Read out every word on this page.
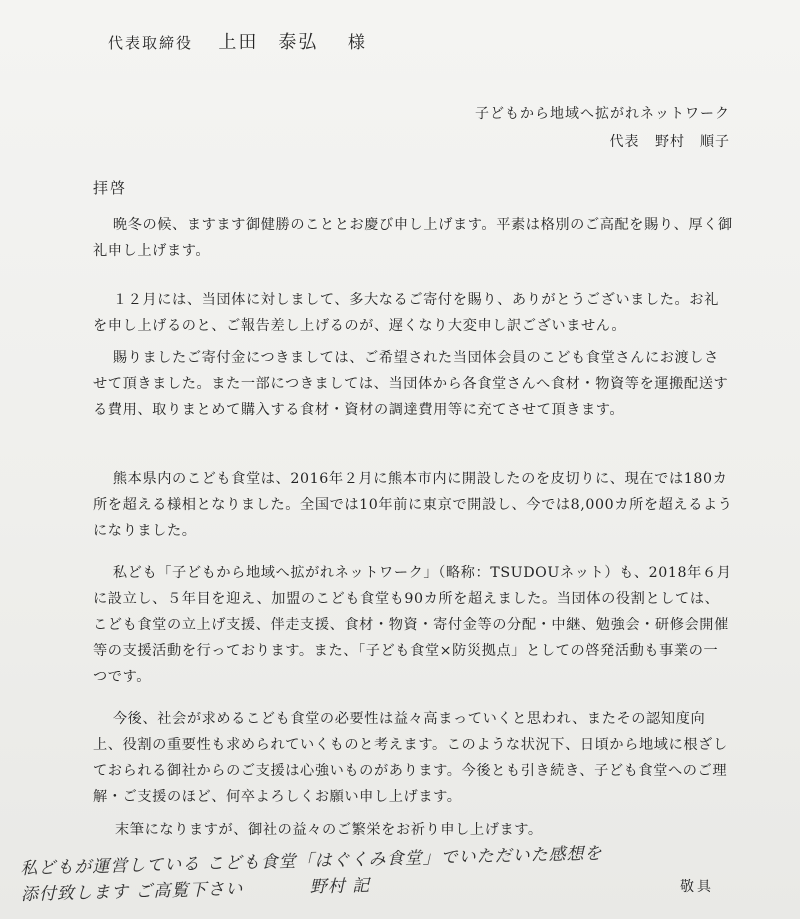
代表取締役 上田　泰弘 様
子どもから地域へ拡がれネットワーク
代表 野村　順子
拝啓

晩冬の候、ますます御健勝のこととお慶び申し上げます。平素は格別のご高配を賜り、厚く御礼申し上げます。

１２月には、当団体に対しまして、多大なるご寄付を賜り、ありがとうございました。お礼を申し上げるのと、ご報告差し上げるのが、遅くなり大変申し訳ございません。

賜りましたご寄付金につきましては、ご希望された当団体会員のこども食堂さんにお渡しさせて頂きました。また一部につきましては、当団体から各食堂さんへ食材・物資等を運搬配送する費用、取りまとめて購入する食材・資材の調達費用等に充てさせて頂きます。

熊本県内のこども食堂は、2016年２月に熊本市内に開設したのを皮切りに、現在では180カ所を超える様相となりました。全国では10年前に東京で開設し、今では8,000カ所を超えるようになりました。

私ども「子どもから地域へ拡がれネットワーク」（略称：TSUDOUネット）も、2018年６月に設立し、５年目を迎え、加盟のこども食堂も90カ所を超えました。当団体の役割としては、こども食堂の立上げ支援、伴走支援、食材・物資・寄付金等の分配・中継、勉強会・研修会開催等の支援活動を行っております。また、「子ども食堂×防災拠点」としての啓発活動も事業の一つです。

今後、社会が求めるこども食堂の必要性は益々高まっていくと思われ、またその認知度向上、役割の重要性も求められていくものと考えます。このような状況下、日頃から地域に根ざしておられる御社からのご支援は心強いものがあります。今後とも引き続き、子ども食堂へのご理解・ご支援のほど、何卒よろしくお願い申し上げます。

末筆になりますが、御社の益々のご繁栄をお祈り申し上げます。
私どもが運営している こども食堂「はぐくみ食堂」でいただいた感想を
添付致します ご高覧下さい	野村 記	敬具
